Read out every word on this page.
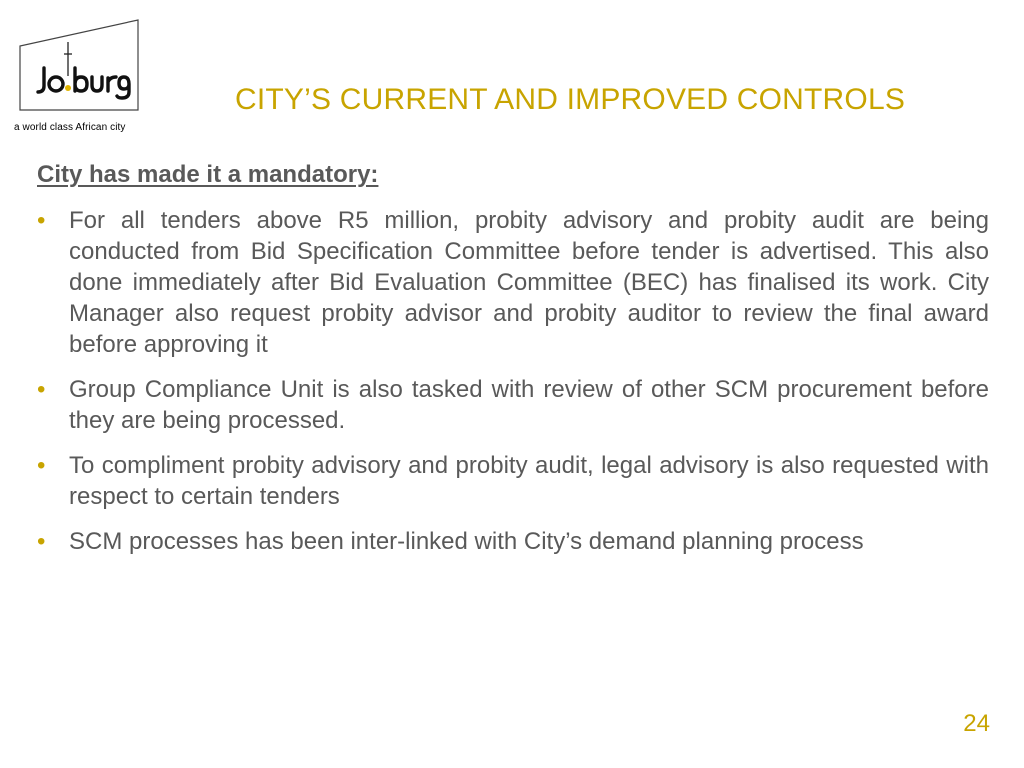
a world class African city
CITY’S CURRENT AND IMPROVED CONTROLS
City has made it a mandatory:
• For all tenders above R5 million, probity advisory and probity audit are being conducted from Bid Specification Committee before tender is advertised. This also done immediately after Bid Evaluation Committee (BEC) has finalised its work. City Manager also request probity advisor and probity auditor to review the final award before approving it
• Group Compliance Unit is also tasked with review of other SCM procurement before they are being processed.
• To compliment probity advisory and probity audit, legal advisory is also requested with respect to certain tenders
• SCM processes has been inter-linked with City’s demand planning process
24
